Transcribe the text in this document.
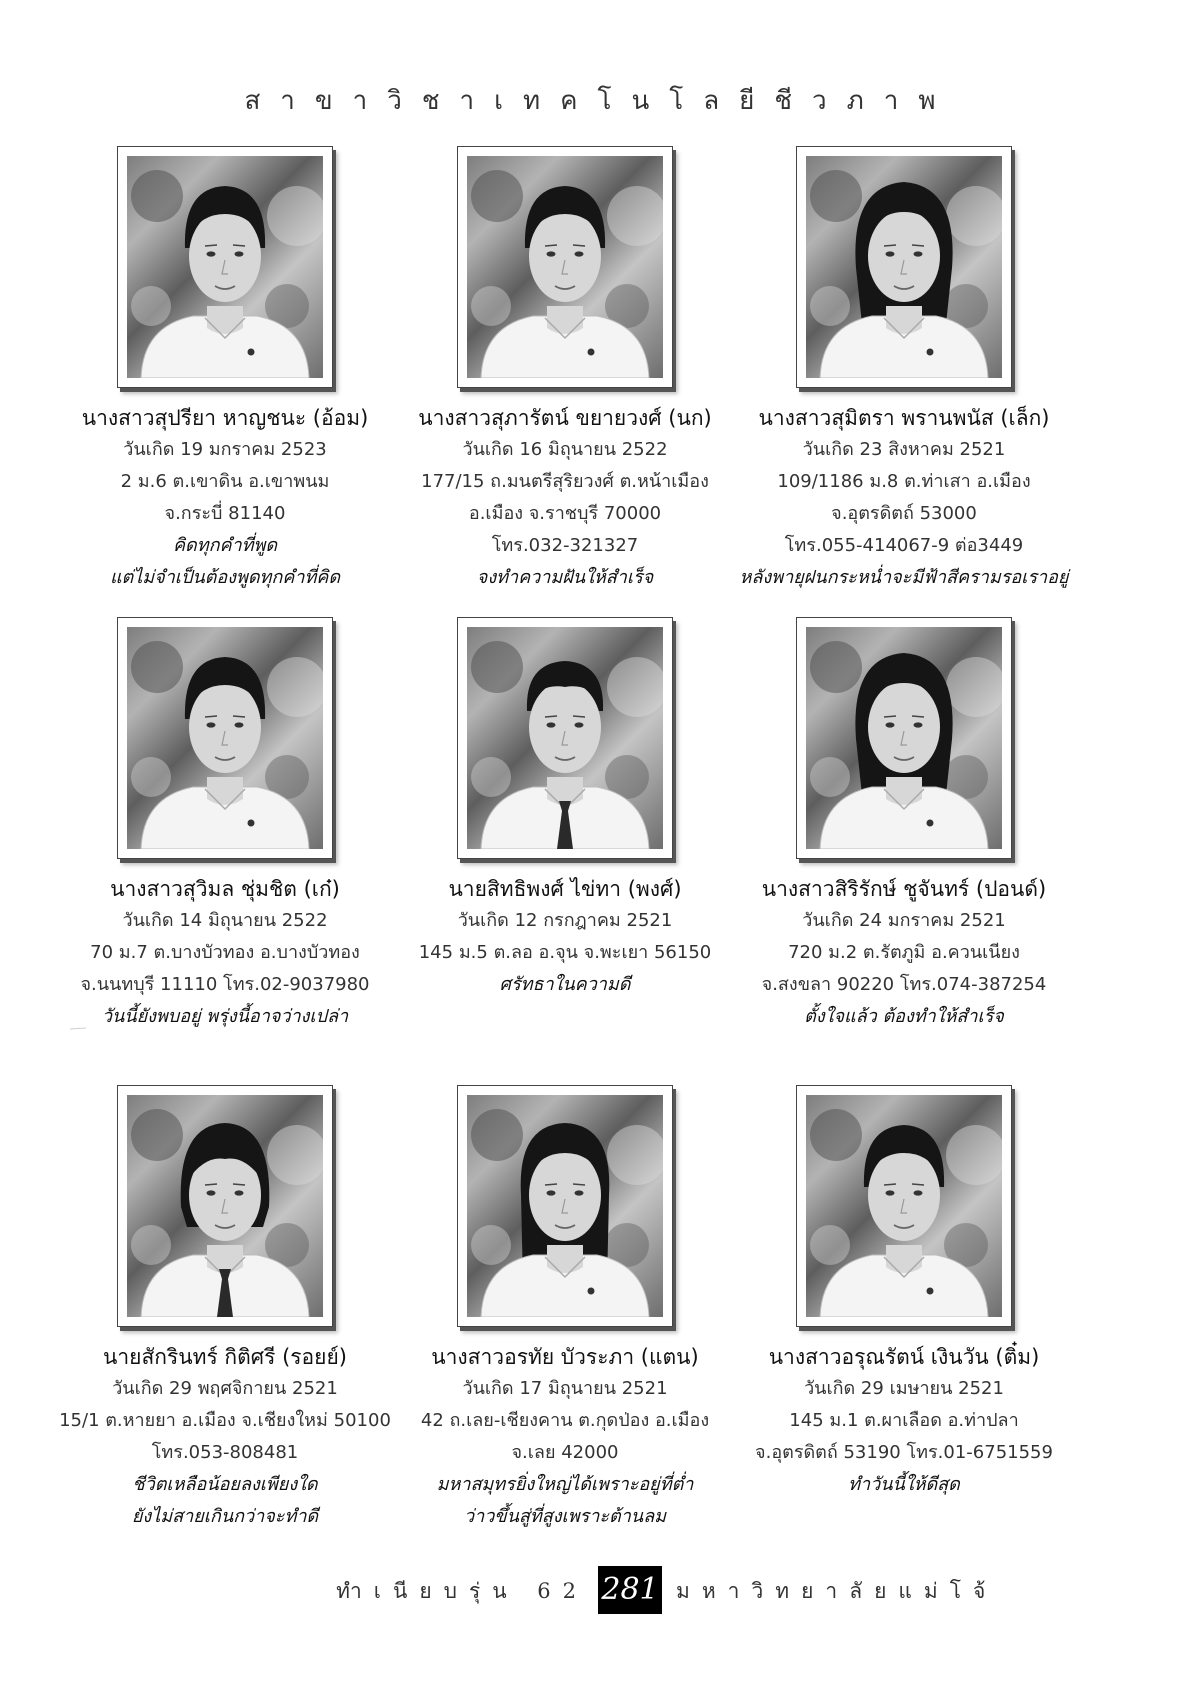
สาขาวิชาเทคโนโลยีชีวภาพ
นางสาวสุปรียา หาญชนะ (อ้อม)
วันเกิด 19 มกราคม 2523
2 ม.6 ต.เขาดิน อ.เขาพนม
จ.กระบี่ 81140
คิดทุกคำที่พูด
แต่ไม่จำเป็นต้องพูดทุกคำที่คิด
นางสาวสุภารัตน์ ขยายวงศ์ (นก)
วันเกิด 16 มิถุนายน 2522
177/15 ถ.มนตรีสุริยวงศ์ ต.หน้าเมือง
อ.เมือง จ.ราชบุรี 70000
โทร.032-321327
จงทำความฝันให้สำเร็จ
นางสาวสุมิตรา พรานพนัส (เล็ก)
วันเกิด 23 สิงหาคม 2521
109/1186 ม.8 ต.ท่าเสา อ.เมือง
จ.อุตรดิตถ์ 53000
โทร.055-414067-9 ต่อ3449
หลังพายุฝนกระหน่ำจะมีฟ้าสีครามรอเราอยู่
นางสาวสุวิมล ชุ่มชิต (เก๋)
วันเกิด 14 มิถุนายน 2522
70 ม.7 ต.บางบัวทอง อ.บางบัวทอง
จ.นนทบุรี 11110 โทร.02-9037980
วันนี้ยังพบอยู่ พรุ่งนี้อาจว่างเปล่า
นายสิทธิพงศ์ ไข่ทา (พงศ์)
วันเกิด 12 กรกฎาคม 2521
145 ม.5 ต.ลอ อ.จุน จ.พะเยา 56150
ศรัทธาในความดี
นางสาวสิริรักษ์ ชูจันทร์ (ปอนด์)
วันเกิด 24 มกราคม 2521
720 ม.2 ต.รัตภูมิ อ.ควนเนียง
จ.สงขลา 90220 โทร.074-387254
ตั้งใจแล้ว ต้องทำให้สำเร็จ
นายสักรินทร์ กิติศรี (รอยย์)
วันเกิด 29 พฤศจิกายน 2521
15/1 ต.หายยา อ.เมือง จ.เชียงใหม่ 50100
โทร.053-808481
ชีวิตเหลือน้อยลงเพียงใด
ยังไม่สายเกินกว่าจะทำดี
นางสาวอรทัย บัวระภา (แตน)
วันเกิด 17 มิถุนายน 2521
42 ถ.เลย-เชียงคาน ต.กุดป่อง อ.เมือง
จ.เลย 42000
มหาสมุทรยิ่งใหญ่ได้เพราะอยู่ที่ต่ำ
ว่าวขึ้นสู่ที่สูงเพราะต้านลม
นางสาวอรุณรัตน์ เงินวัน (ติ๋ม)
วันเกิด 29 เมษายน 2521
145 ม.1 ต.ผาเลือด อ.ท่าปลา
จ.อุตรดิตถ์ 53190 โทร.01-6751559
ทำวันนี้ให้ดีสุด
ทำเนียบรุ่น 62 281 มหาวิทยาลัยแม่โจ้
